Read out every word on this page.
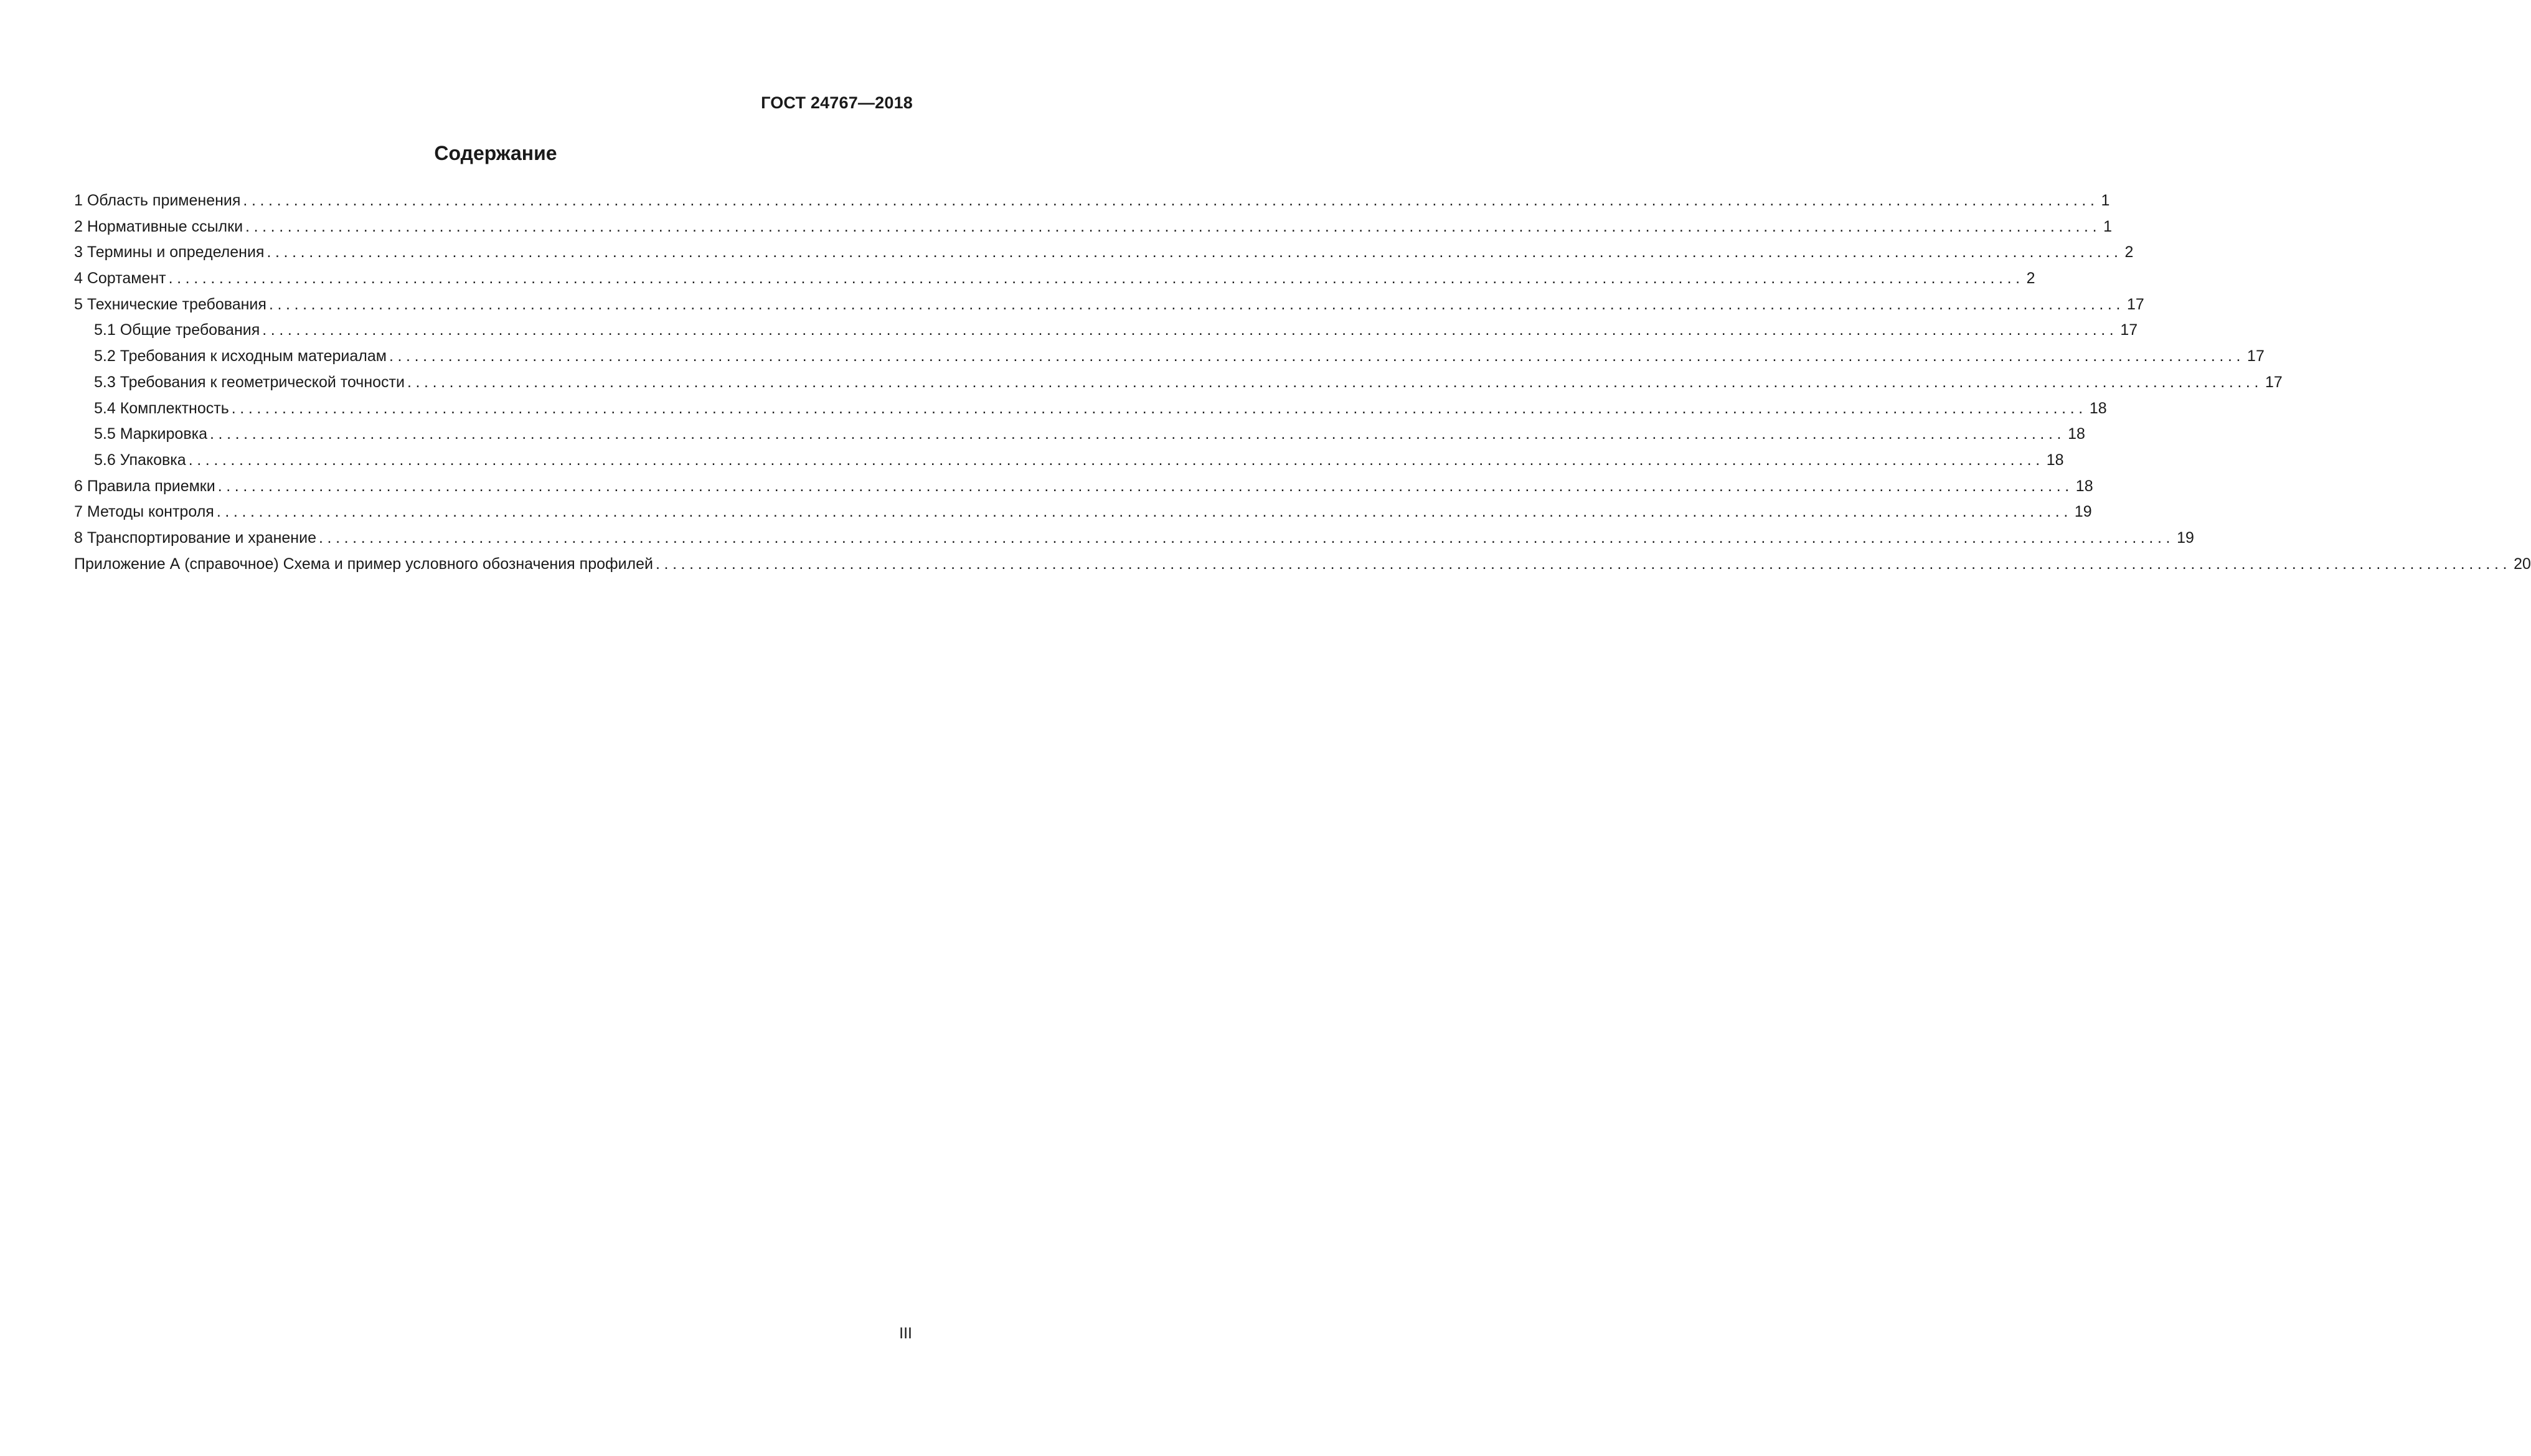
ГОСТ 24767—2018
Содержание
1 Область применения ............................................................................................................................................................................................................................ 1
2 Нормативные ссылки ............................................................................................................................................................................................................................ 1
3 Термины и определения ............................................................................................................................................................................................................................ 2
4 Сортамент ............................................................................................................................................................................................................................ 2
5 Технические требования ............................................................................................................................................................................................................................ 17
5.1 Общие требования ............................................................................................................................................................................................................................ 17
5.2 Требования к исходным материалам ............................................................................................................................................................................................................................ 17
5.3 Требования к геометрической точности ............................................................................................................................................................................................................................ 17
5.4 Комплектность ............................................................................................................................................................................................................................ 18
5.5 Маркировка ............................................................................................................................................................................................................................ 18
5.6 Упаковка ............................................................................................................................................................................................................................ 18
6 Правила приемки ............................................................................................................................................................................................................................ 18
7 Методы контроля ............................................................................................................................................................................................................................ 19
8 Транспортирование и хранение ............................................................................................................................................................................................................................ 19
Приложение А (справочное) Схема и пример условного обозначения профилей ............................................................................................................................................................................................................................ 20
III
